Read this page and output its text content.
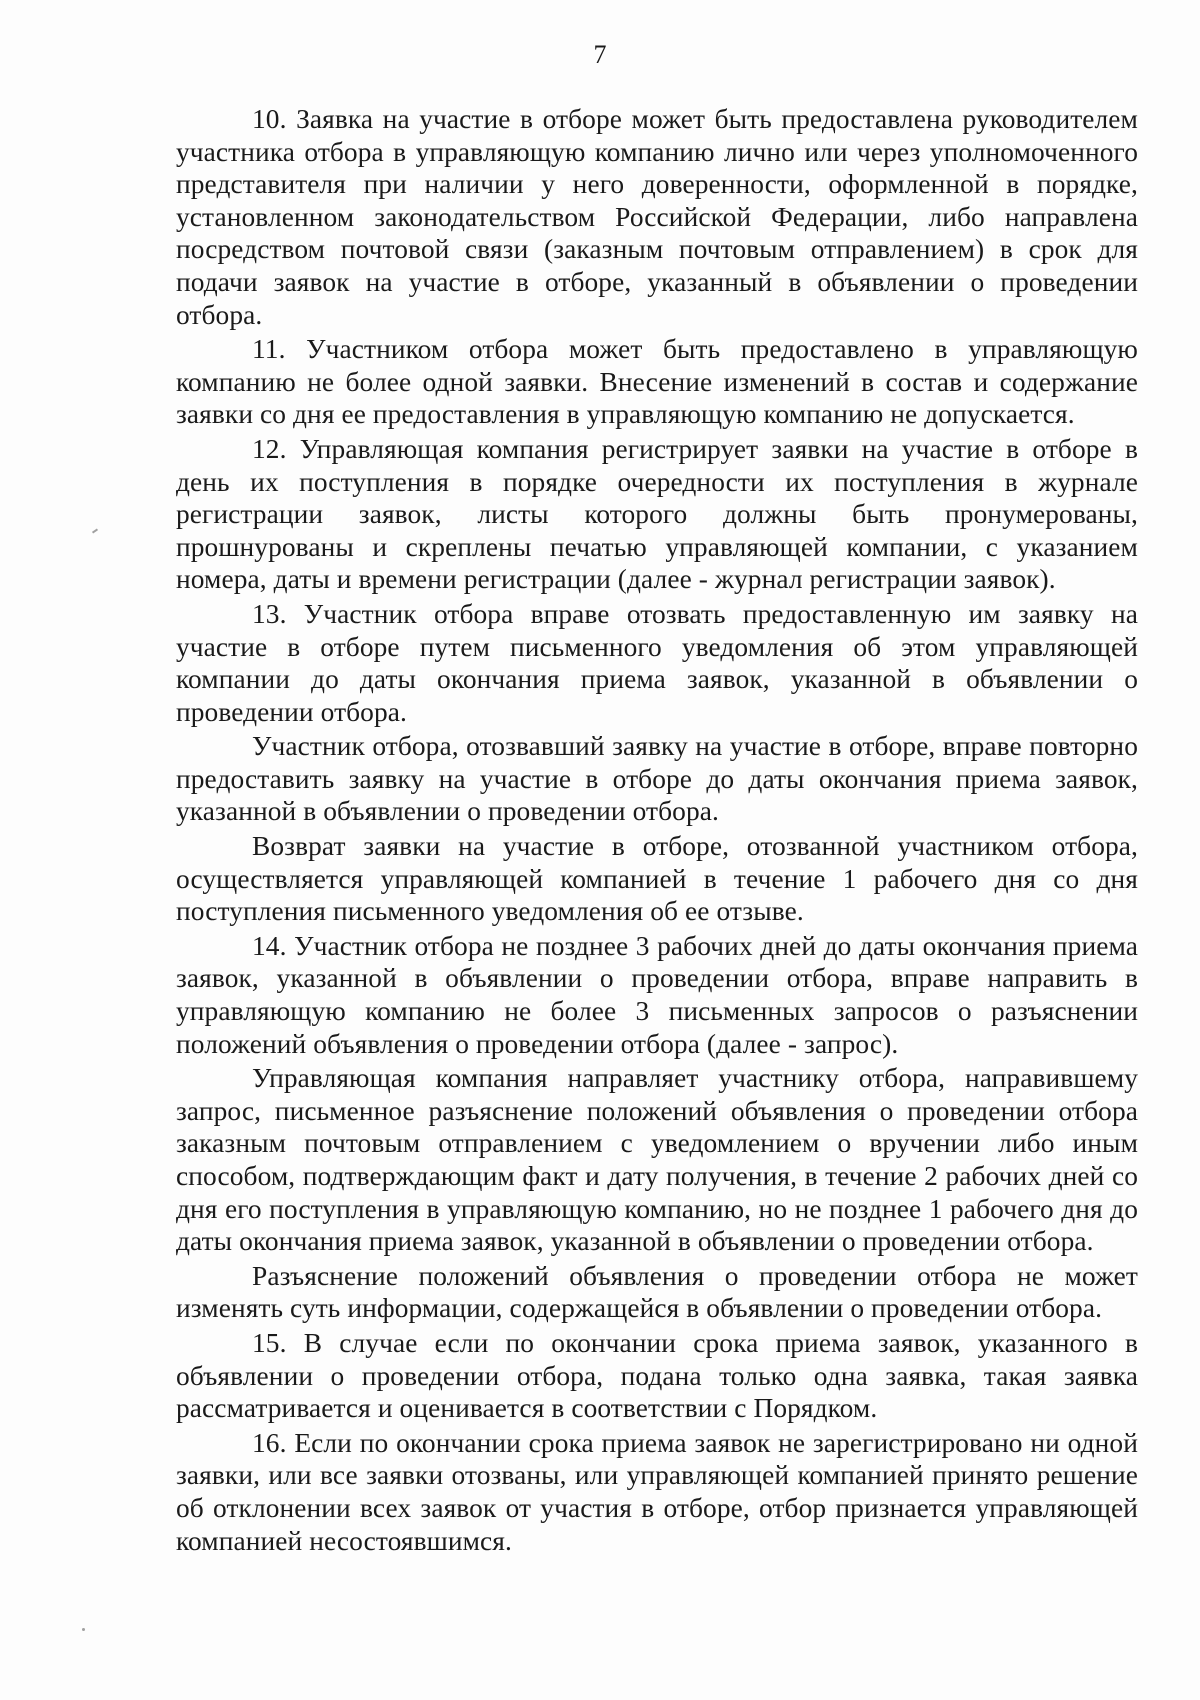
7

10. Заявка на участие в отборе может быть предоставлена руководителем участника отбора в управляющую компанию лично или через уполномоченного представителя при наличии у него доверенности, оформленной в порядке, установленном законодательством Российской Федерации, либо направлена посредством почтовой связи (заказным почтовым отправлением) в срок для подачи заявок на участие в отборе, указанный в объявлении о проведении отбора.

11. Участником отбора может быть предоставлено в управляющую компанию не более одной заявки. Внесение изменений в состав и содержание заявки со дня ее предоставления в управляющую компанию не допускается.

12. Управляющая компания регистрирует заявки на участие в отборе в день их поступления в порядке очередности их поступления в журнале регистрации заявок, листы которого должны быть пронумерованы, прошнурованы и скреплены печатью управляющей компании, с указанием номера, даты и времени регистрации (далее - журнал регистрации заявок).

13. Участник отбора вправе отозвать предоставленную им заявку на участие в отборе путем письменного уведомления об этом управляющей компании до даты окончания приема заявок, указанной в объявлении о проведении отбора.

Участник отбора, отозвавший заявку на участие в отборе, вправе повторно предоставить заявку на участие в отборе до даты окончания приема заявок, указанной в объявлении о проведении отбора.

Возврат заявки на участие в отборе, отозванной участником отбора, осуществляется управляющей компанией в течение 1 рабочего дня со дня поступления письменного уведомления об ее отзыве.

14. Участник отбора не позднее 3 рабочих дней до даты окончания приема заявок, указанной в объявлении о проведении отбора, вправе направить в управляющую компанию не более 3 письменных запросов о разъяснении положений объявления о проведении отбора (далее - запрос).

Управляющая компания направляет участнику отбора, направившему запрос, письменное разъяснение положений объявления о проведении отбора заказным почтовым отправлением с уведомлением о вручении либо иным способом, подтверждающим факт и дату получения, в течение 2 рабочих дней со дня его поступления в управляющую компанию, но не позднее 1 рабочего дня до даты окончания приема заявок, указанной в объявлении о проведении отбора.

Разъяснение положений объявления о проведении отбора не может изменять суть информации, содержащейся в объявлении о проведении отбора.

15. В случае если по окончании срока приема заявок, указанного в объявлении о проведении отбора, подана только одна заявка, такая заявка рассматривается и оценивается в соответствии с Порядком.

16. Если по окончании срока приема заявок не зарегистрировано ни одной заявки, или все заявки отозваны, или управляющей компанией принято решение об отклонении всех заявок от участия в отборе, отбор признается управляющей компанией несостоявшимся.
